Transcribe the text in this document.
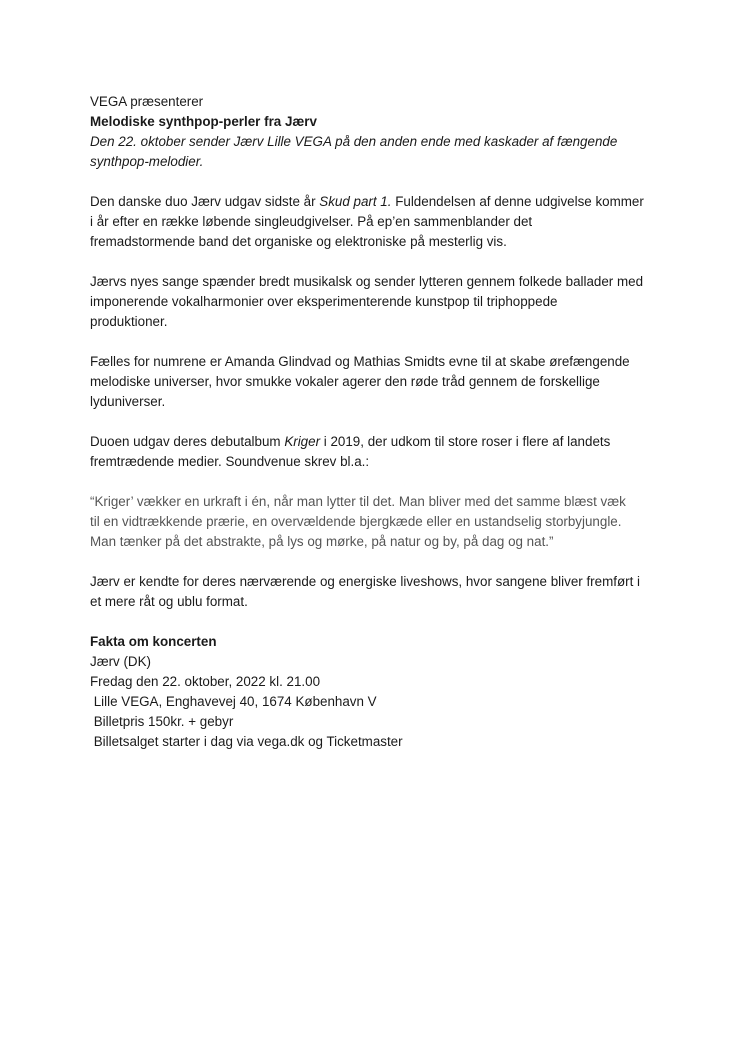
VEGA præsenterer
Melodiske synthpop-perler fra Jærv
Den 22. oktober sender Jærv Lille VEGA på den anden ende med kaskader af fængende
synthpop-melodier.
Den danske duo Jærv udgav sidste år Skud part 1. Fuldendelsen af denne udgivelse kommer
i år efter en række løbende singleudgivelser. På ep’en sammenblander det
fremadstormende band det organiske og elektroniske på mesterlig vis.
Jærvs nyes sange spænder bredt musikalsk og sender lytteren gennem folkede ballader med
imponerende vokalharmonier over eksperimenterende kunstpop til triphoppede
produktioner.
Fælles for numrene er Amanda Glindvad og Mathias Smidts evne til at skabe ørefængende
melodiske universer, hvor smukke vokaler agerer den røde tråd gennem de forskellige
lyduniverser.
Duoen udgav deres debutalbum Kriger i 2019, der udkom til store roser i flere af landets
fremtrædende medier. Soundvenue skrev bl.a.:
“Kriger’ vækker en urkraft i én, når man lytter til det. Man bliver med det samme blæst væk
til en vidtrækkende prærie, en overvældende bjergkæde eller en ustandselig storbyjungle.
Man tænker på det abstrakte, på lys og mørke, på natur og by, på dag og nat.”
Jærv er kendte for deres nærværende og energiske liveshows, hvor sangene bliver fremført i
et mere råt og ublu format.
Fakta om koncerten
Jærv (DK)
Fredag den 22. oktober, 2022 kl. 21.00
Lille VEGA, Enghavevej 40, 1674 København V
Billetpris 150kr. + gebyr
Billetsalget starter i dag via vega.dk og Ticketmaster
